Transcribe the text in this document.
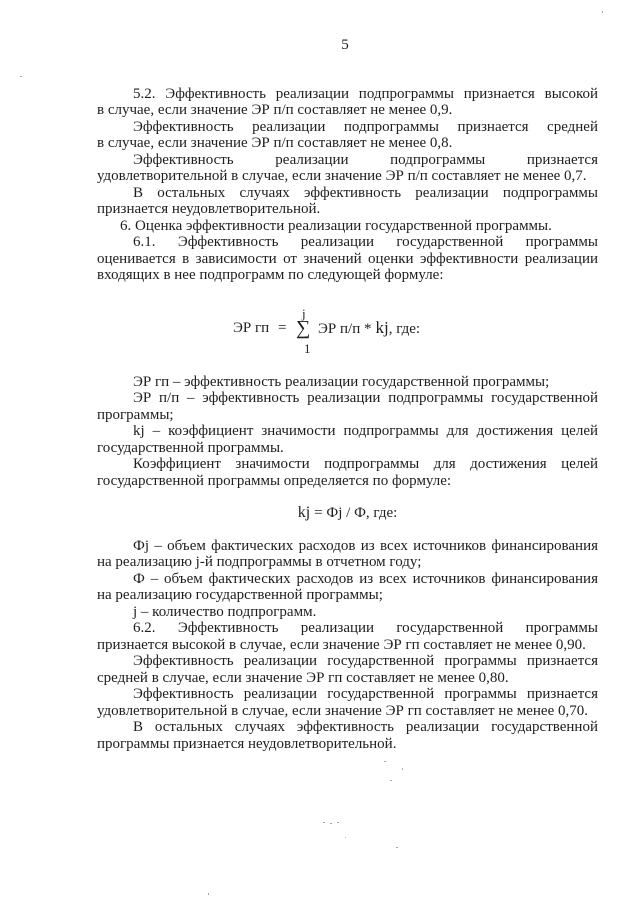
5
5.2. Эффективность реализации подпрограммы признается высокой
в случае, если значение ЭР п/п составляет не менее 0,9.
Эффективность реализации подпрограммы признается средней
в случае, если значение ЭР п/п составляет не менее 0,8.
Эффективность реализации подпрограммы признается
удовлетворительной в случае, если значение ЭР п/п составляет не менее 0,7.
В остальных случаях эффективность реализации подпрограммы
признается неудовлетворительной.
6. Оценка эффективности реализации государственной программы.
6.1. Эффективность реализации государственной программы
оценивается в зависимости от значений оценки эффективности реализации
входящих в нее подпрограмм по следующей формуле:
ЭР гп = ∑
j
1
ЭР п/п * kj, где:
ЭР гп – эффективность реализации государственной программы;
ЭР п/п – эффективность реализации подпрограммы государственной
программы;
kj – коэффициент значимости подпрограммы для достижения целей
государственной программы.
Коэффициент значимости подпрограммы для достижения целей
государственной программы определяется по формуле:
kj = Фj / Ф, где:
Фj – объем фактических расходов из всех источников финансирования
на реализацию j-й подпрограммы в отчетном году;
Ф – объем фактических расходов из всех источников финансирования
на реализацию государственной программы;
j – количество подпрограмм.
6.2. Эффективность реализации государственной программы
признается высокой в случае, если значение ЭР гп составляет не менее 0,90.
Эффективность реализации государственной программы признается
средней в случае, если значение ЭР гп составляет не менее 0,80.
Эффективность реализации государственной программы признается
удовлетворительной в случае, если значение ЭР гп составляет не менее 0,70.
В остальных случаях эффективность реализации государственной
программы признается неудовлетворительной.
